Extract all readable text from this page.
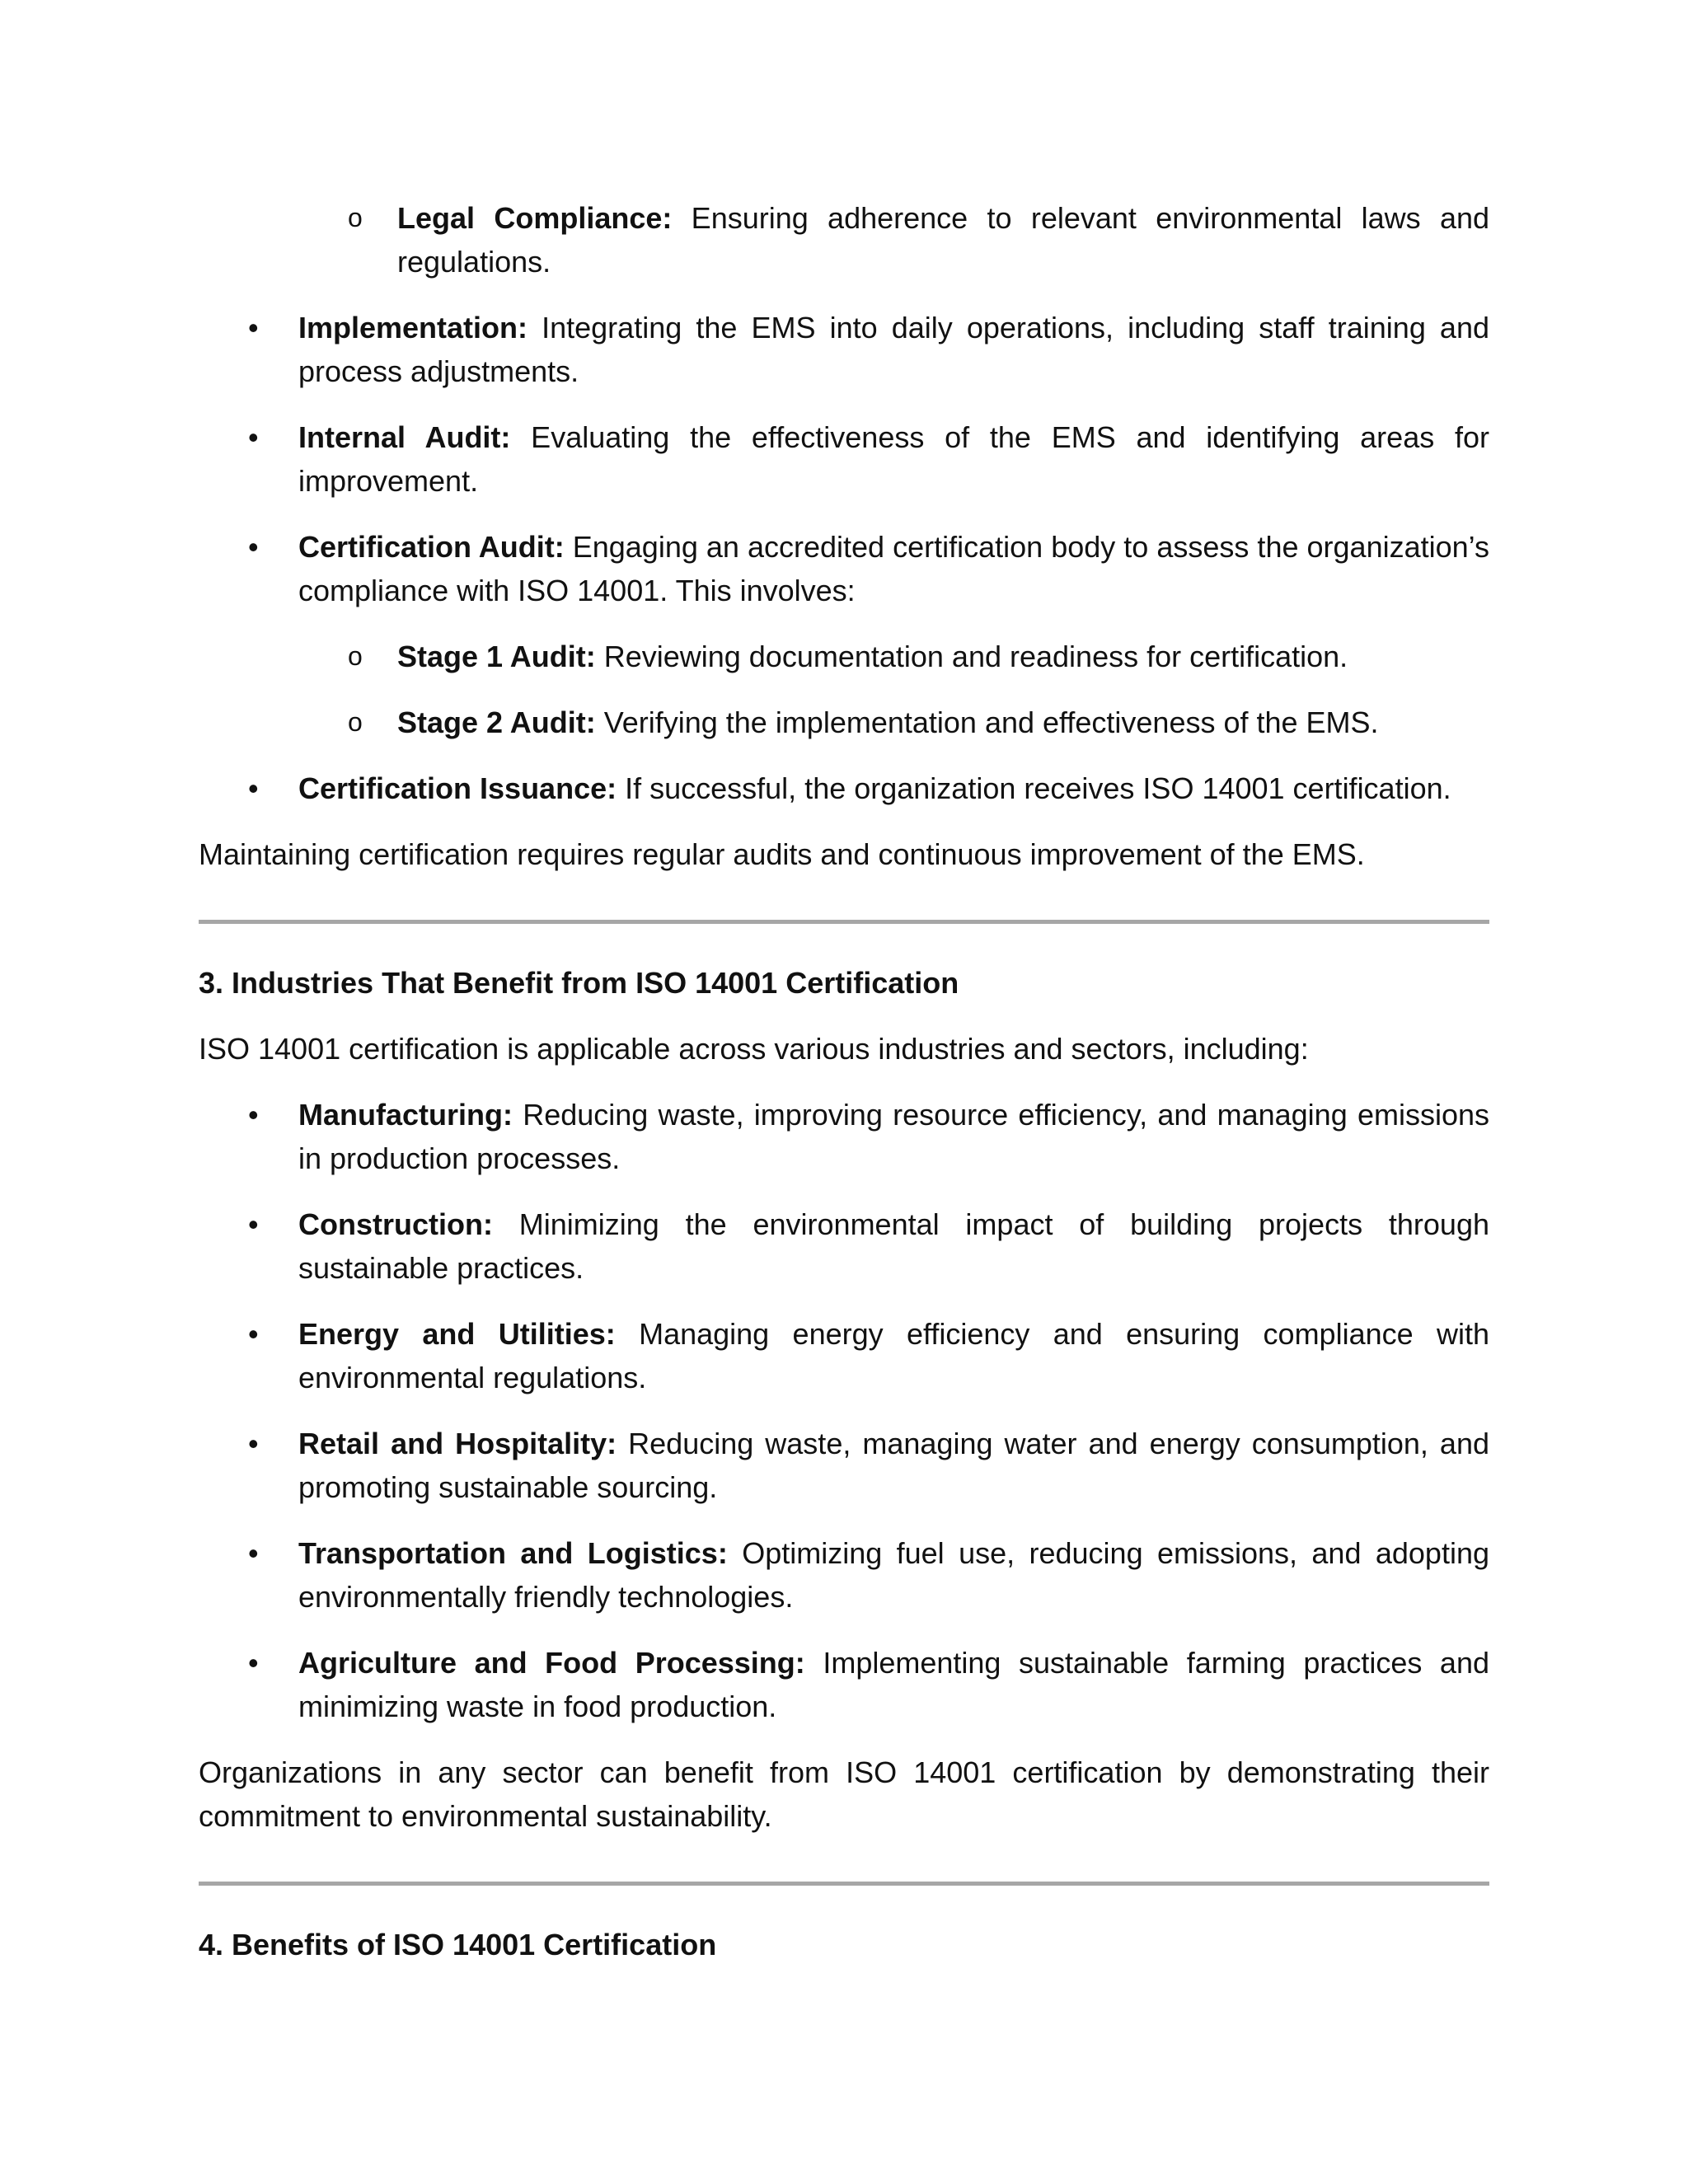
o	Legal Compliance: Ensuring adherence to relevant environmental laws and regulations.
•	Implementation: Integrating the EMS into daily operations, including staff training and process adjustments.
•	Internal Audit: Evaluating the effectiveness of the EMS and identifying areas for improvement.
•	Certification Audit: Engaging an accredited certification body to assess the organization’s compliance with ISO 14001. This involves:
o	Stage 1 Audit: Reviewing documentation and readiness for certification.
o	Stage 2 Audit: Verifying the implementation and effectiveness of the EMS.
•	Certification Issuance: If successful, the organization receives ISO 14001 certification.

Maintaining certification requires regular audits and continuous improvement of the EMS.

3. Industries That Benefit from ISO 14001 Certification

ISO 14001 certification is applicable across various industries and sectors, including:

•	Manufacturing: Reducing waste, improving resource efficiency, and managing emissions in production processes.
•	Construction: Minimizing the environmental impact of building projects through sustainable practices.
•	Energy and Utilities: Managing energy efficiency and ensuring compliance with environmental regulations.
•	Retail and Hospitality: Reducing waste, managing water and energy consumption, and promoting sustainable sourcing.
•	Transportation and Logistics: Optimizing fuel use, reducing emissions, and adopting environmentally friendly technologies.
•	Agriculture and Food Processing: Implementing sustainable farming practices and minimizing waste in food production.

Organizations in any sector can benefit from ISO 14001 certification by demonstrating their commitment to environmental sustainability.

4. Benefits of ISO 14001 Certification
